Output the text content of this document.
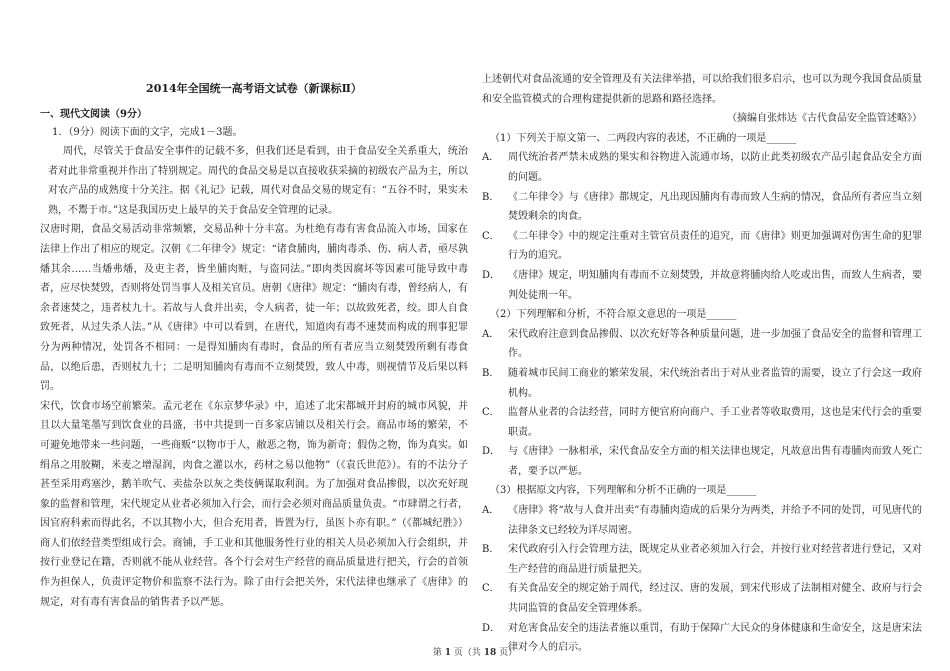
2014年全国统一高考语文试卷（新课标Ⅱ）
一、现代文阅读（9分）
1．（9分）阅读下面的文字，完成1－3题。

周代，尽管关于食品安全事件的记载不多，但我们还是看到，由于食品安全关系重大，统治者对此非常重视并作出了特别规定。周代的食品交易是以直接收获采摘的初级农产品为主，所以对农产品的成熟度十分关注。据《礼记》记载，周代对食品交易的规定有：“五谷不时，果实未熟，不鬻于市。”这是我国历史上最早的关于食品安全管理的记录。

汉唐时期，食品交易活动非常频繁，交易品种十分丰富。为杜绝有毒有害食品流入市场，国家在法律上作出了相应的规定。汉朝《二年律令》规定：“诸食脯肉，脯肉毒杀、伤、病人者，亟尽孰燔其余……当燔弗燔，及吏主者，皆坐脯肉赃，与盗同法。”即肉类因腐坏等因素可能导致中毒者，应尽快焚毁，否则将处罚当事人及相关官员。唐朝《唐律》规定：“脯肉有毒，曾经病人，有余者速焚之，违者杖九十。若故与人食并出卖，令人病者，徒一年；以故致死者，绞。即人自食致死者，从过失杀人法。”从《唐律》中可以看到，在唐代，知道肉有毒不速焚而构成的刑事犯罪分为两种情况，处罚各不相同：一是得知脯肉有毒时，食品的所有者应当立刻焚毁所剩有毒食品，以绝后患，否则杖九十；二是明知脯肉有毒而不立刻焚毁，致人中毒，则视情节及后果以料罚。

宋代，饮食市场空前繁荣。孟元老在《东京梦华录》中，追述了北宋都城开封府的城市风貌，并且以大量笔墨写到饮食业的昌盛，书中共提到一百多家店铺以及相关行会。商品市场的繁荣，不可避免地带来一些问题，一些商贩“以物市于人，敝恶之物，饰为新奇；假伪之物，饰为真实。如绢帛之用胶糊，米麦之增湿润，肉食之灌以水，药材之易以他物”（《袁氏世范》）。有的不法分子甚至采用鸡塞沙，鹅羊吹气、卖盐杂以灰之类伎俩谋取利润。为了加强对食品掺假，以次充好现象的监督和管理，宋代规定从业者必须加入行会，而行会必须对商品质量负责。“市肆谓之行者，因官府科索而得此名，不以其物小大，但合充用者，皆置为行，虽医卜亦有职。”（《都城纪胜》）商人们依经营类型组成行会。商铺，手工业和其他服务性行业的相关人员必须加入行会组织，并按行业登记在籍，否则就不能从业经营。各个行会对生产经营的商品质量进行把关，行会的首领作为担保人，负责评定物价和监察不法行为。除了由行会把关外，宋代法律也继承了《唐律》的规定，对有毒有害食品的销售者予以严惩。

上述朝代对食品流通的安全管理及有关法律举措，可以给我们很多启示，也可以为现今我国食品质量和安全监管模式的合理构建提供新的思路和路径选择。
（摘编自张炜达《古代食品安全监管述略》）
（1）下列关于原文第一、二两段内容的表述，不正确的一项是______
A． 周代统治者严禁未成熟的果实和谷物进入流通市场，以防止此类初级农产品引起食品安全方面的问题。
B． 《二年律令》与《唐律》都规定，凡出现因脯肉有毒而致人生病的情况，食品所有者应当立刻焚毁剩余的肉食。
C． 《二年律令》中的规定注重对主管官员责任的追究，而《唐律》则更加强调对伤害生命的犯罪行为的追究。
D． 《唐律》规定，明知脯肉有毒而不立刻焚毁，并故意将脯肉给人吃或出售，而致人生病者，要判处徒刑一年。
（2）下列理解和分析，不符合原文意思的一项是______
A． 宋代政府注意到食品掺假、以次充好等各种质量问题，进一步加强了食品安全的监督和管理工作。
B． 随着城市民间工商业的繁荣发展，宋代统治者出于对从业者监管的需要，设立了行会这一政府机构。
C． 监督从业者的合法经营，同时方便官府向商户、手工业者等收取费用，这也是宋代行会的重要职责。
D． 与《唐律》一脉相承，宋代食品安全方面的相关法律也规定，凡故意出售有毒脯肉而致人死亡者，要予以严惩。
（3）根据原文内容，下列理解和分析不正确的一项是______
A． 《唐律》将“故与人食并出卖”有毒脯肉造成的后果分为两类，并给予不同的处罚，可见唐代的法律条文已经较为详尽周密。
B． 宋代政府引入行会管理方法，既规定从业者必须加入行会，并按行业对经营者进行登记，又对生产经营的商品进行质量把关。
C． 有关食品安全的规定始于周代，经过汉、唐的发展，到宋代形成了法制相对健全、政府与行会共同监管的食品安全管理体系。
D． 对危害食品安全的违法者施以重罚，有助于保障广大民众的身体健康和生命安全，这是唐宋法律对今人的启示。
第 1 页（共 18 页）
